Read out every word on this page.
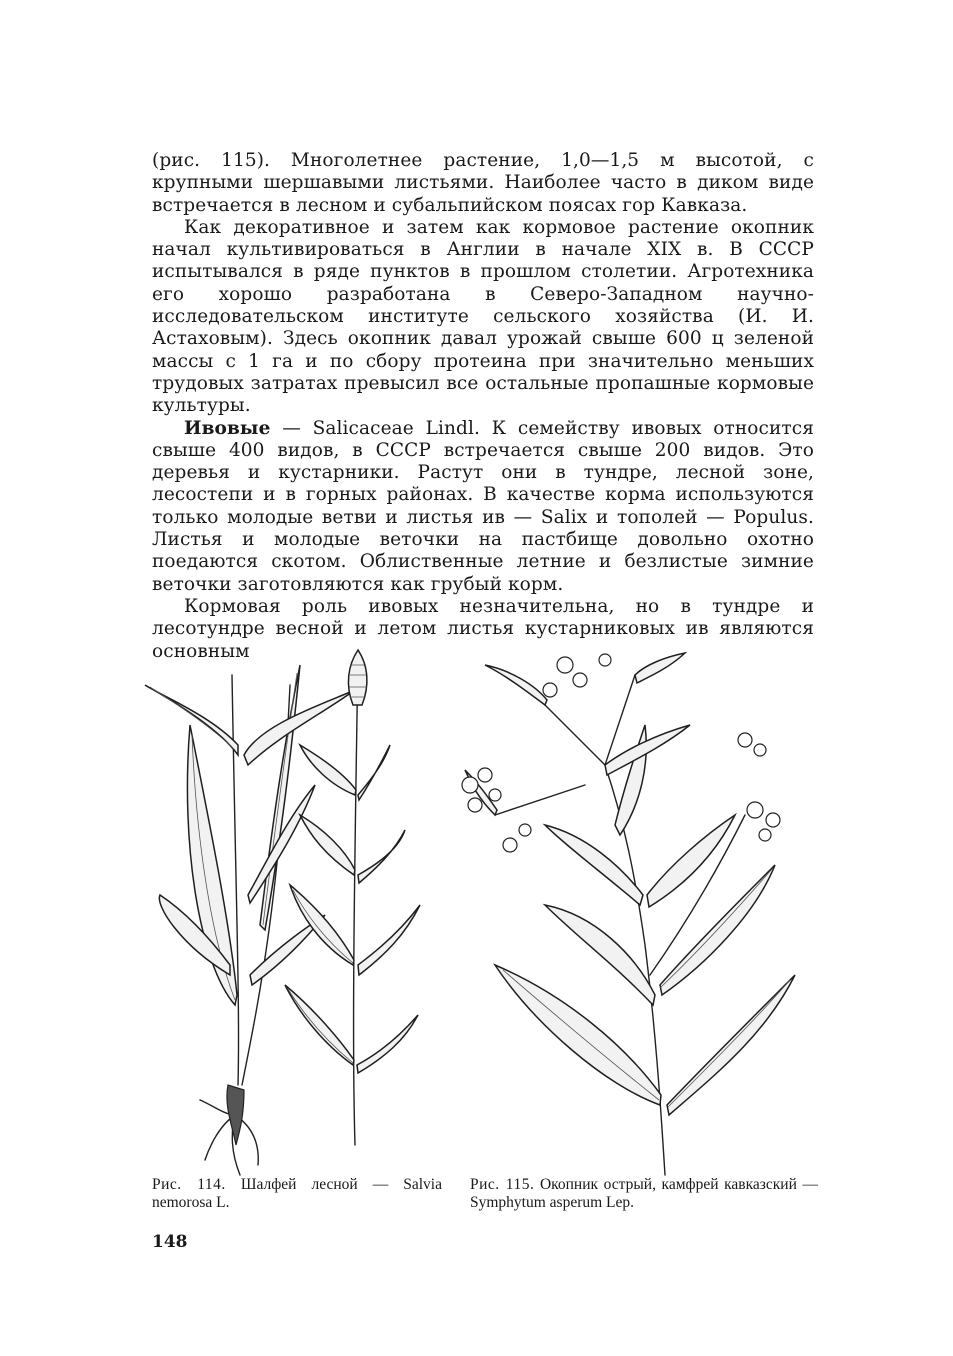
(рис. 115). Многолетнее растение, 1,0—1,5 м высотой, с крупными шершавыми листьями. Наиболее часто в диком виде встречается в лесном и субальпийском поясах гор Кавказа.

Как декоративное и затем как кормовое растение окопник начал культивироваться в Англии в начале XIX в. В СССР испытывался в ряде пунктов в прошлом столетии. Агротехника его хорошо разработана в Северо-Западном научно-исследовательском институте сельского хозяйства (И. И. Астаховым). Здесь окопник давал урожай свыше 600 ц зеленой массы с 1 га и по сбору протеина при значительно меньших трудовых затратах превысил все остальные пропашные кормовые культуры.

Ивовые — Salicaceae Lindl. К семейству ивовых относится свыше 400 видов, в СССР встречается свыше 200 видов. Это деревья и кустарники. Растут они в тундре, лесной зоне, лесостепи и в горных районах. В качестве корма используются только молодые ветви и листья ив — Salix и тополей — Populus. Листья и молодые веточки на пастбище довольно охотно поедаются скотом. Облиственные летние и безлистые зимние веточки заготовляются как грубый корм.

Кормовая роль ивовых незначительна, но в тундре и лесотундре весной и летом листья кустарниковых ив являются основным

Рис. 114. Шалфей лесной — Salvia nemorosa L.
Рис. 115. Окопник острый, камфрей кавказский — Symphytum asperum Lep.
148
